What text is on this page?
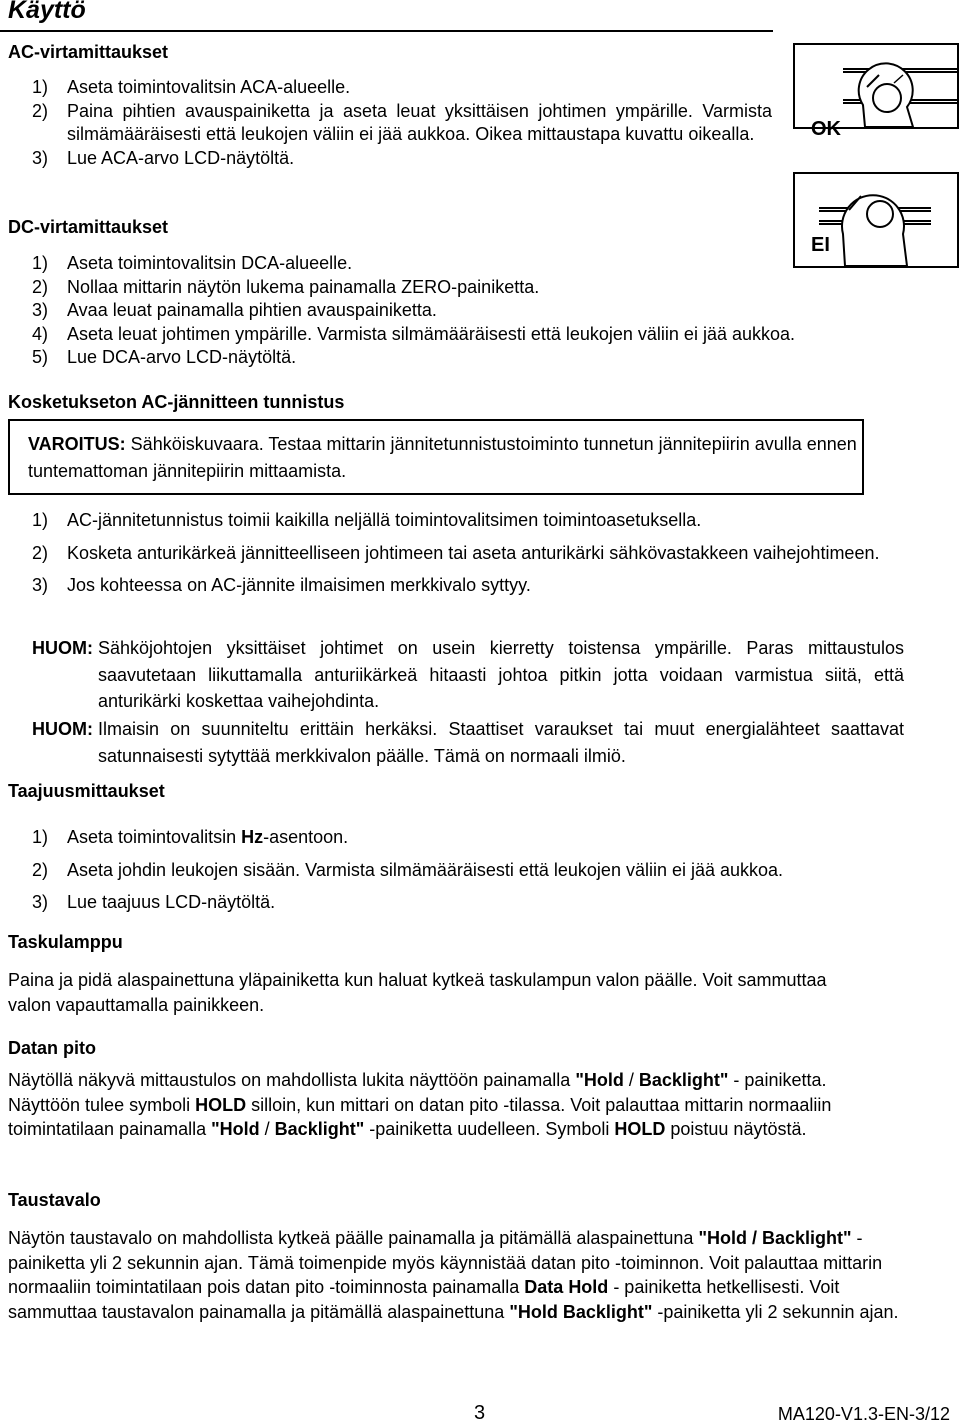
Käyttö
OK
EI
AC-virtamittaukset
1)	Aseta toimintovalitsin ACA-alueelle.
2)	Paina pihtien avauspainiketta ja aseta leuat yksittäisen johtimen ympärille. Varmista silmämääräisesti että leukojen väliin ei jää aukkoa. Oikea mittaustapa kuvattu oikealla.
3)	Lue ACA-arvo LCD-näytöltä.
DC-virtamittaukset
1)	Aseta toimintovalitsin DCA-alueelle.
2)	Nollaa mittarin näytön lukema painamalla ZERO-painiketta.
3)	Avaa leuat painamalla pihtien avauspainiketta.
4)	Aseta leuat johtimen ympärille. Varmista silmämääräisesti että leukojen väliin ei jää aukkoa.
5)	Lue DCA-arvo LCD-näytöltä.
Kosketukseton AC-jännitteen tunnistus
VAROITUS: Sähköiskuvaara. Testaa mittarin jännitetunnistustoiminto tunnetun jännitepiirin avulla ennen tuntemattoman jännitepiirin mittaamista.
1)	AC-jännitetunnistus toimii kaikilla neljällä toimintovalitsimen toimintoasetuksella.
2)	Kosketa anturikärkeä jännitteelliseen johtimeen tai aseta anturikärki sähkövastakkeen vaihejohtimeen.
3)	Jos kohteessa on AC-jännite ilmaisimen merkkivalo syttyy.
HUOM: Sähköjohtojen yksittäiset johtimet on usein kierretty toistensa ympärille. Paras mittaustulos saavutetaan liikuttamalla anturiikärkeä hitaasti johtoa pitkin jotta voidaan varmistua siitä, että anturikärki koskettaa vaihejohdinta.
HUOM: Ilmaisin on suunniteltu erittäin herkäksi. Staattiset varaukset tai muut energialähteet saattavat satunnaisesti sytyttää merkkivalon päälle. Tämä on normaali ilmiö.
Taajuusmittaukset
1)	Aseta toimintovalitsin Hz-asentoon.
2)	Aseta johdin leukojen sisään. Varmista silmämääräisesti että leukojen väliin ei jää aukkoa.
3)	Lue taajuus LCD-näytöltä.
Taskulamppu

Paina ja pidä alaspainettuna yläpainiketta kun haluat kytkeä taskulampun valon päälle. Voit sammuttaa valon vapauttamalla painikkeen.

Datan pito

Näytöllä näkyvä mittaustulos on mahdollista lukita näyttöön painamalla "Hold / Backlight" - painiketta. Näyttöön tulee symboli HOLD silloin, kun mittari on datan pito -tilassa. Voit palauttaa mittarin normaaliin toimintatilaan painamalla "Hold / Backlight" -painiketta uudelleen. Symboli HOLD poistuu näytöstä.

Taustavalo

Näytön taustavalo on mahdollista kytkeä päälle painamalla ja pitämällä alaspainettuna "Hold / Backlight" -painiketta yli 2 sekunnin ajan. Tämä toimenpide myös käynnistää datan pito -toiminnon. Voit palauttaa mittarin normaaliin toimintatilaan pois datan pito -toiminnosta painamalla Data Hold - painiketta hetkellisesti. Voit sammuttaa taustavalon painamalla ja pitämällä alaspainettuna "Hold Backlight" -painiketta yli 2 sekunnin ajan.

3	MA120-V1.3-EN-3/12
